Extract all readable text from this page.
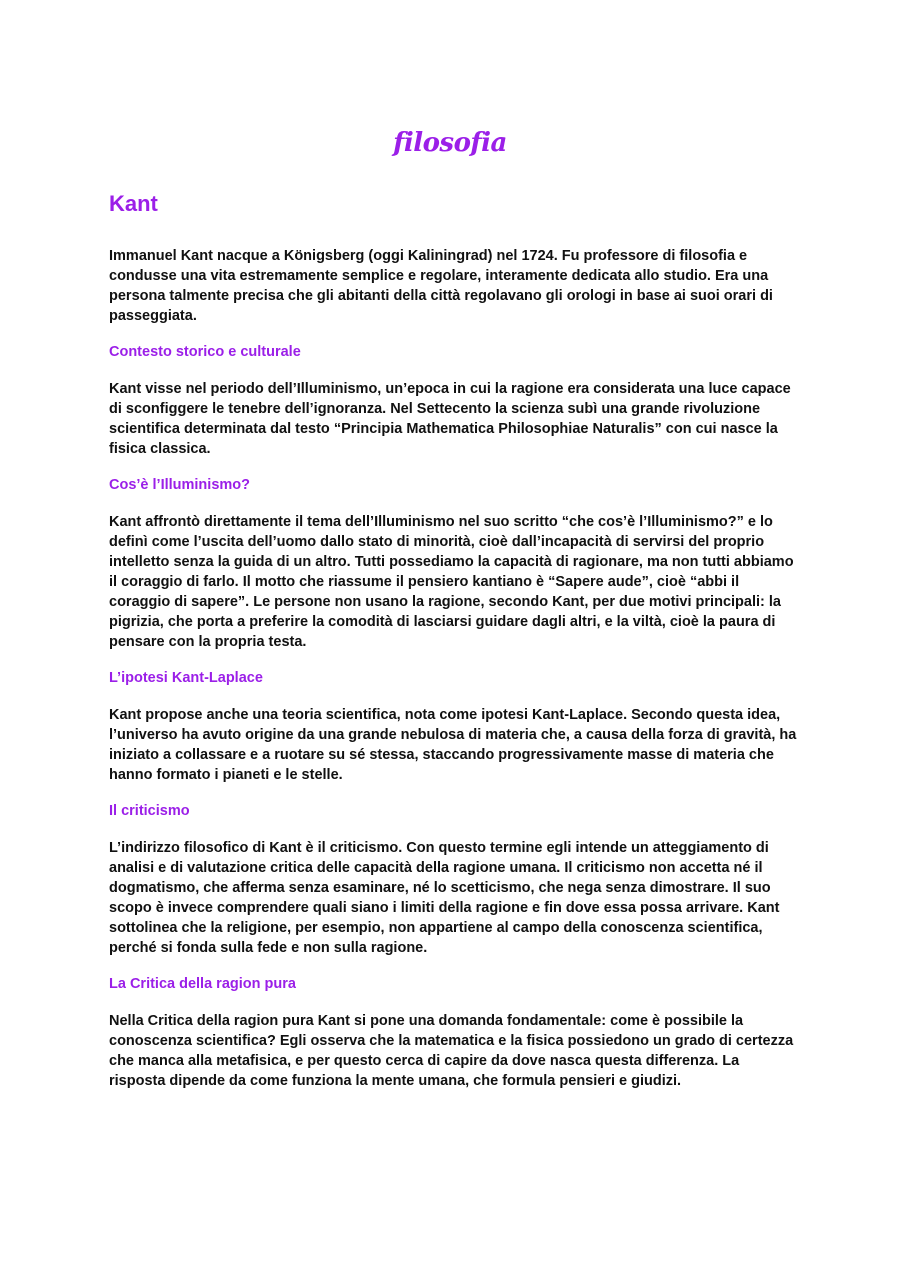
filosofia
Kant

Immanuel Kant nacque a Königsberg (oggi Kaliningrad) nel 1724. Fu professore di filosofia e condusse una vita estremamente semplice e regolare, interamente dedicata allo studio. Era una persona talmente precisa che gli abitanti della città regolavano gli orologi in base ai suoi orari di passeggiata.

Contesto storico e culturale

Kant visse nel periodo dell’Illuminismo, un’epoca in cui la ragione era considerata una luce capace di sconfiggere le tenebre dell’ignoranza. Nel Settecento la scienza subì una grande rivoluzione scientifica determinata dal testo “Principia Mathematica Philosophiae Naturalis” con cui nasce la fisica classica.

Cos’è l’Illuminismo?

Kant affrontò direttamente il tema dell’Illuminismo nel suo scritto “che cos’è l’Illuminismo?” e lo definì come l’uscita dell’uomo dallo stato di minorità, cioè dall’incapacità di servirsi del proprio intelletto senza la guida di un altro. Tutti possediamo la capacità di ragionare, ma non tutti abbiamo il coraggio di farlo. Il motto che riassume il pensiero kantiano è “Sapere aude”, cioè “abbi il coraggio di sapere”. Le persone non usano la ragione, secondo Kant, per due motivi principali: la pigrizia, che porta a preferire la comodità di lasciarsi guidare dagli altri, e la viltà, cioè la paura di pensare con la propria testa.

L’ipotesi Kant-Laplace

Kant propose anche una teoria scientifica, nota come ipotesi Kant-Laplace. Secondo questa idea, l’universo ha avuto origine da una grande nebulosa di materia che, a causa della forza di gravità, ha iniziato a collassare e a ruotare su sé stessa, staccando progressivamente masse di materia che hanno formato i pianeti e le stelle.

Il criticismo

L’indirizzo filosofico di Kant è il criticismo. Con questo termine egli intende un atteggiamento di analisi e di valutazione critica delle capacità della ragione umana. Il criticismo non accetta né il dogmatismo, che afferma senza esaminare, né lo scetticismo, che nega senza dimostrare. Il suo scopo è invece comprendere quali siano i limiti della ragione e fin dove essa possa arrivare. Kant sottolinea che la religione, per esempio, non appartiene al campo della conoscenza scientifica, perché si fonda sulla fede e non sulla ragione.

La Critica della ragion pura

Nella Critica della ragion pura Kant si pone una domanda fondamentale: come è possibile la conoscenza scientifica? Egli osserva che la matematica e la fisica possiedono un grado di certezza che manca alla metafisica, e per questo cerca di capire da dove nasca questa differenza. La risposta dipende da come funziona la mente umana, che formula pensieri e giudizi.
